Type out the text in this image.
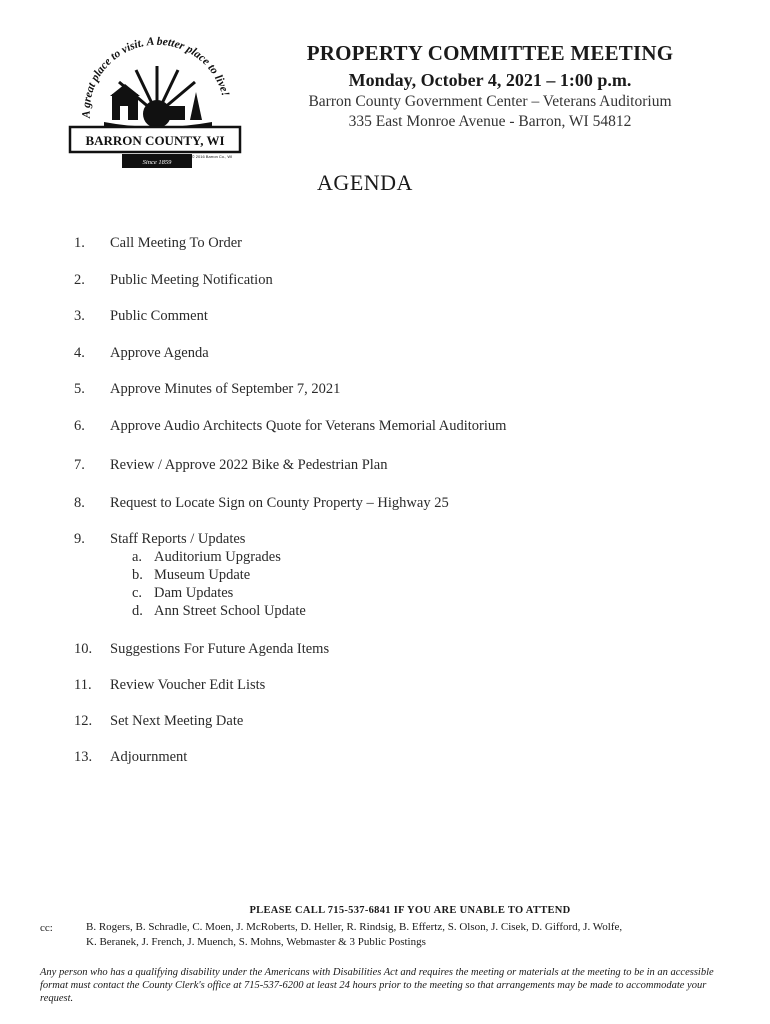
A great place to visit. A better place to live!
BARRON COUNTY, WI
Since 1859
© 2016 Barron Co., WI
PROPERTY COMMITTEE MEETING
Monday, October 4, 2021 – 1:00 p.m.
Barron County Government Center – Veterans Auditorium
335 East Monroe Avenue - Barron, WI 54812
AGENDA
1. Call Meeting To Order
2. Public Meeting Notification
3. Public Comment
4. Approve Agenda
5. Approve Minutes of September 7, 2021
6. Approve Audio Architects Quote for Veterans Memorial Auditorium
7. Review / Approve 2022 Bike & Pedestrian Plan
8. Request to Locate Sign on County Property – Highway 25
9. Staff Reports / Updates
a. Auditorium Upgrades
b. Museum Update
c. Dam Updates
d. Ann Street School Update
10. Suggestions For Future Agenda Items
11. Review Voucher Edit Lists
12. Set Next Meeting Date
13. Adjournment
PLEASE CALL 715-537-6841 IF YOU ARE UNABLE TO ATTEND
cc:	B. Rogers, B. Schradle, C. Moen, J. McRoberts, D. Heller, R. Rindsig, B. Effertz, S. Olson, J. Cisek, D. Gifford, J. Wolfe,
K. Beranek, J. French, J. Muench, S. Mohns, Webmaster & 3 Public Postings
Any person who has a qualifying disability under the Americans with Disabilities Act and requires the meeting or materials at the meeting to be in an accessible format must contact the County Clerk's office at 715-537-6200 at least 24 hours prior to the meeting so that arrangements may be made to accommodate your request.
